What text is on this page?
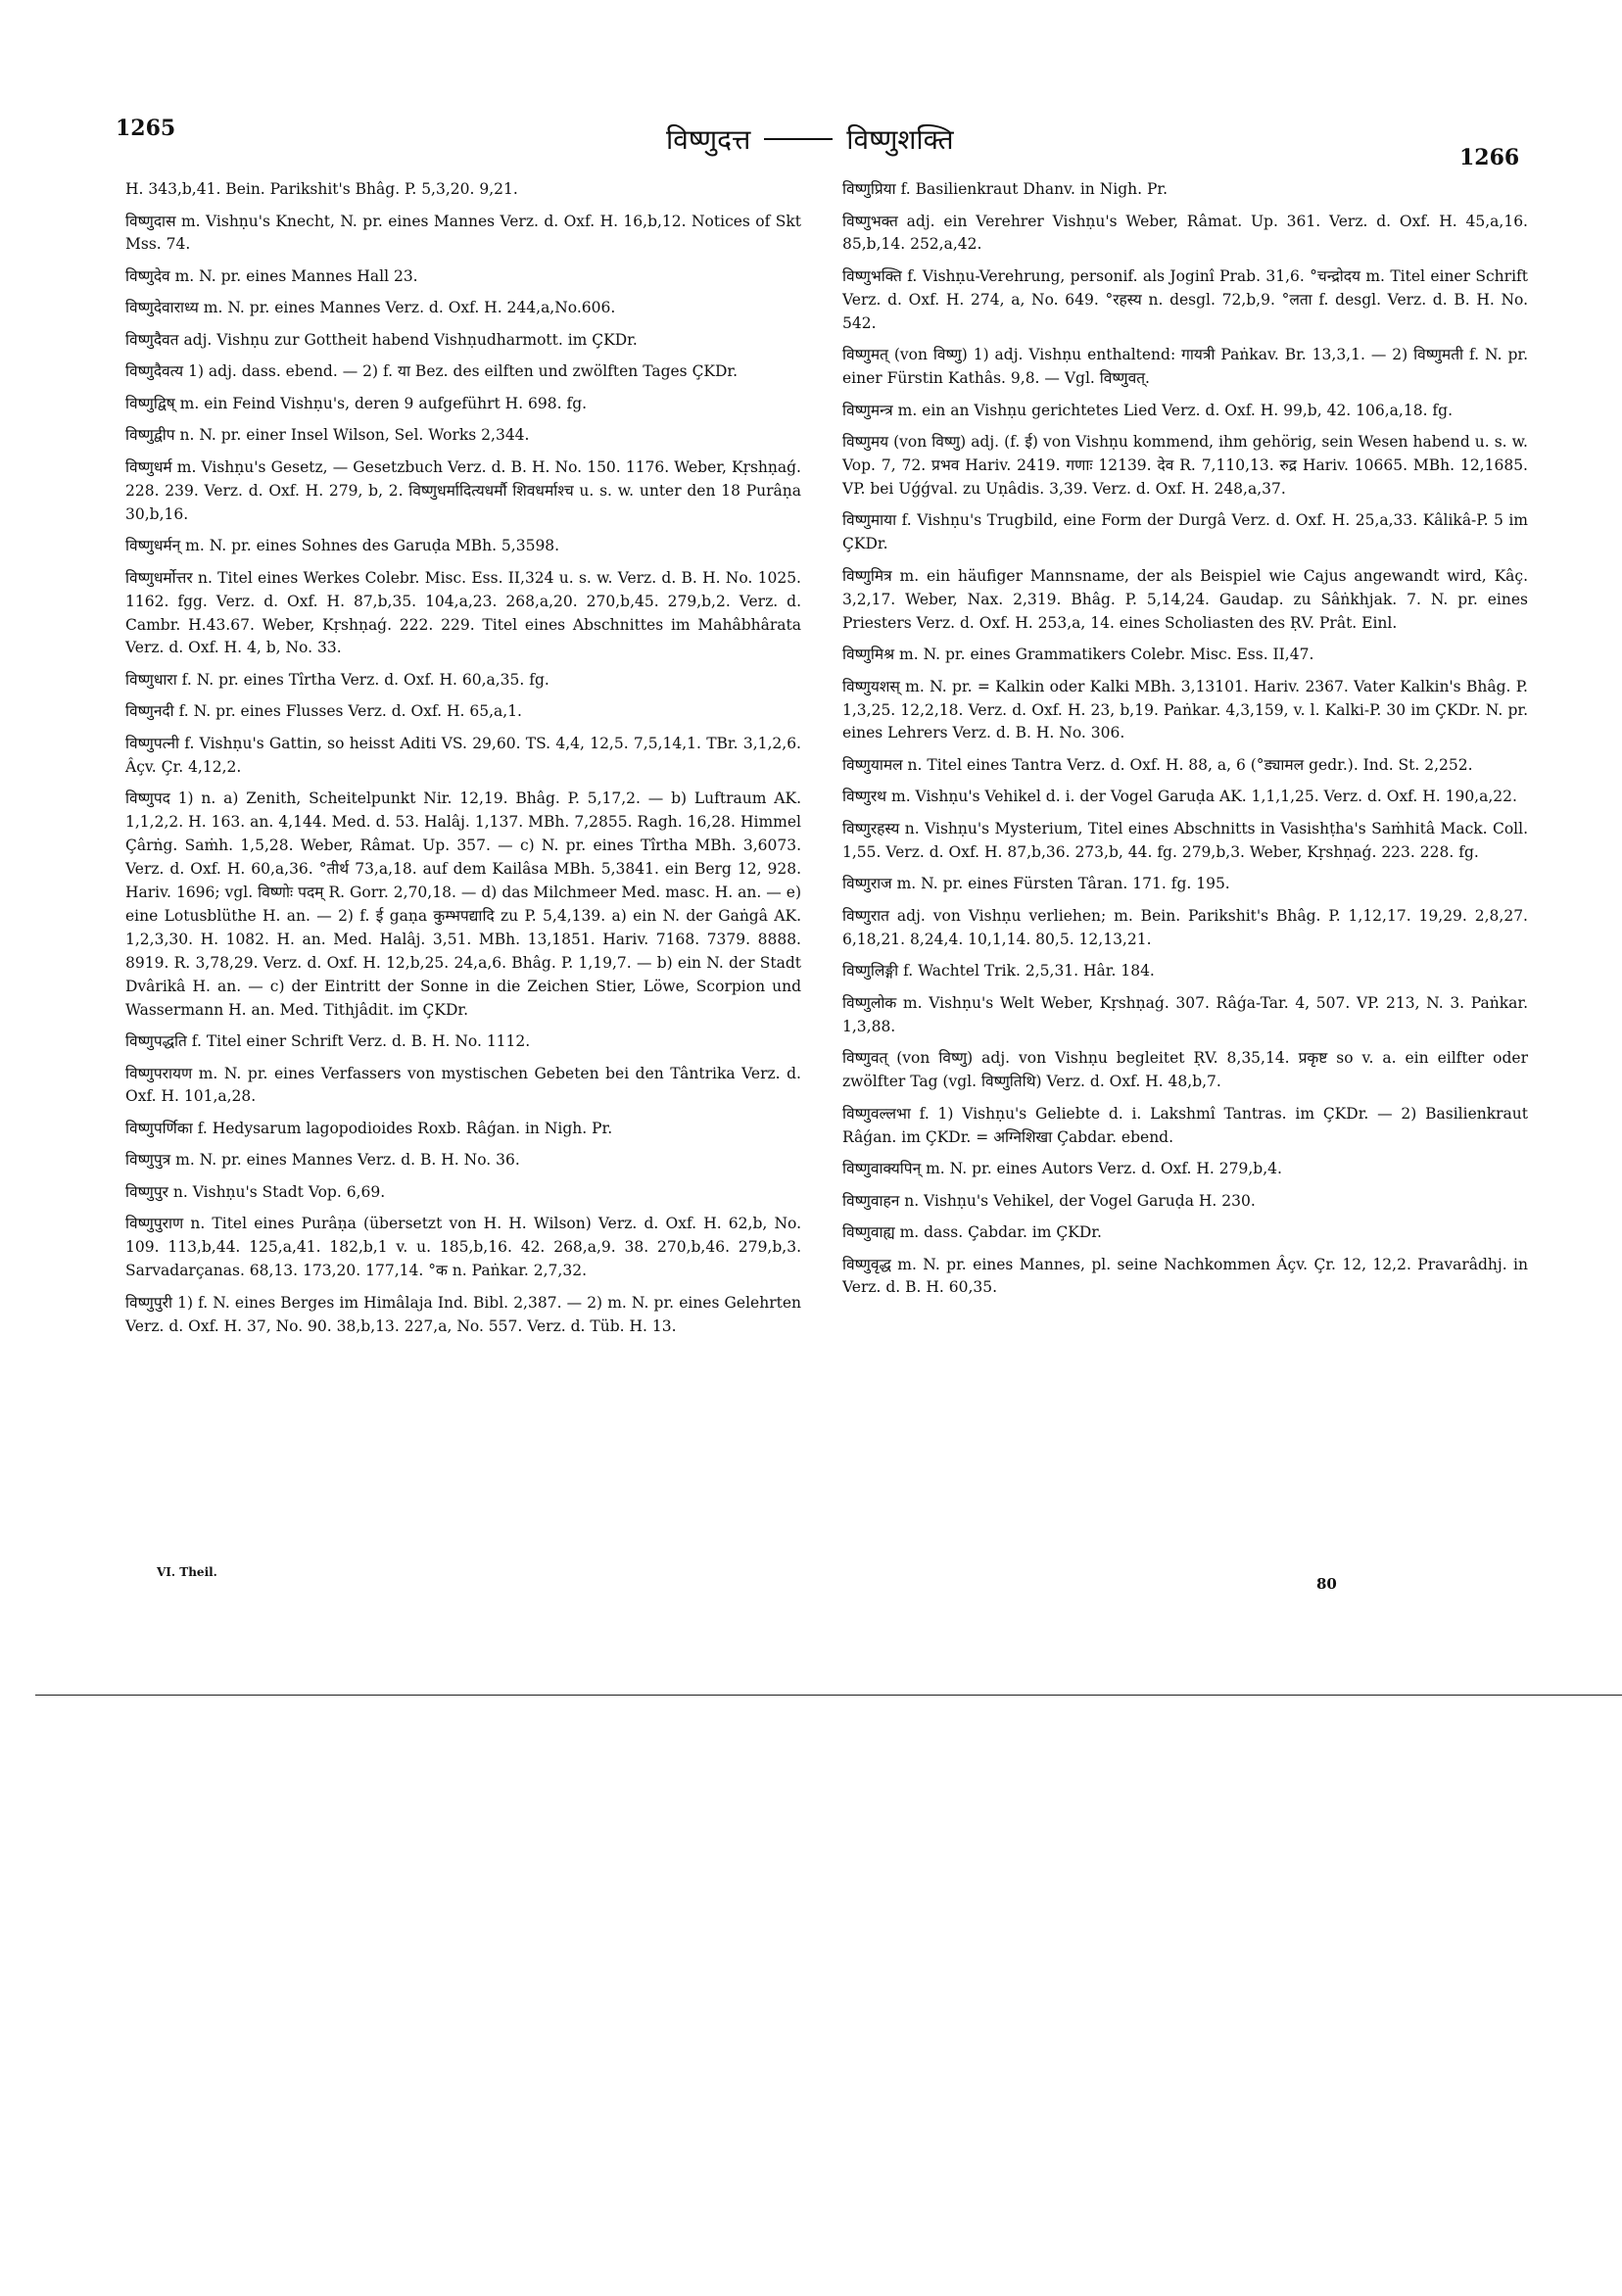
1265	विष्णुदत्त	विष्णुशक्ति
1266

H. 343,b,41. Bein. Parikshit's Bhâg. P. 5,3,20. 9,21.

विष्णुदास m. Vishṇu's Knecht, N. pr. eines Mannes Verz. d. Oxf. H. 16,b,12. Notices of Skt Mss. 74.

विष्णुदेव m. N. pr. eines Mannes Hall 23.

विष्णुदेवाराध्य m. N. pr. eines Mannes Verz. d. Oxf. H. 244,a,No.606.

विष्णुदैवत adj. Vishṇu zur Gottheit habend Vishṇudharmott. im ÇKDr.

विष्णुदैवत्य 1) adj. dass. ebend. — 2) f. या Bez. des eilften und zwölften Tages ÇKDr.

विष्णुद्विष् m. ein Feind Vishṇu's, deren 9 aufgeführt H. 698. fg.

विष्णुद्वीप n. N. pr. einer Insel Wilson, Sel. Works 2,344.

विष्णुधर्म m. Vishṇu's Gesetz, — Gesetzbuch Verz. d. B. H. No. 150. 1176. Weber, Kṛshṇaǵ. 228. 239. Verz. d. Oxf. H. 279, b, 2. विष्णुधर्मादित्यधर्मौ शिवधर्माश्च u. s. w. unter den 18 Purâṇa 30,b,16.

विष्णुधर्मन् m. N. pr. eines Sohnes des Garuḍa MBh. 5,3598.

विष्णुधर्मोत्तर n. Titel eines Werkes Colebr. Misc. Ess. II,324 u. s. w. Verz. d. B. H. No. 1025. 1162. fgg. Verz. d. Oxf. H. 87,b,35. 104,a,23. 268,a,20. 270,b,45. 279,b,2. Verz. d. Cambr. H.43.67. Weber, Kṛshṇaǵ. 222. 229. Titel eines Abschnittes im Mahâbhârata Verz. d. Oxf. H. 4, b, No. 33.

विष्णुधारा f. N. pr. eines Tîrtha Verz. d. Oxf. H. 60,a,35. fg.

विष्णुनदी f. N. pr. eines Flusses Verz. d. Oxf. H. 65,a,1.

विष्णुपत्नी f. Vishṇu's Gattin, so heisst Aditi VS. 29,60. TS. 4,4, 12,5. 7,5,14,1. TBr. 3,1,2,6. Âçv. Çr. 4,12,2.

विष्णुपद 1) n. a) Zenith, Scheitelpunkt Nir. 12,19. Bhâg. P. 5,17,2. — b) Luftraum AK. 1,1,2,2. H. 163. an. 4,144. Med. d. 53. Halâj. 1,137. MBh. 7,2855. Ragh. 16,28. Himmel Çârṅg. Saṁh. 1,5,28. Weber, Râmat. Up. 357. — c) N. pr. eines Tîrtha MBh. 3,6073. Verz. d. Oxf. H. 60,a,36. °तीर्थ 73,a,18. auf dem Kailâsa MBh. 5,3841. ein Berg 12, 928. Hariv. 1696; vgl. विष्णोः पदम् R. Gorr. 2,70,18. — d) das Milchmeer Med. masc. H. an. — e) eine Lotusblüthe H. an. — 2) f. ई gaṇa कुम्भपद्यादि zu P. 5,4,139. a) ein N. der Gaṅgâ AK. 1,2,3,30. H. 1082. H. an. Med. Halâj. 3,51. MBh. 13,1851. Hariv. 7168. 7379. 8888. 8919. R. 3,78,29. Verz. d. Oxf. H. 12,b,25. 24,a,6. Bhâg. P. 1,19,7. — b) ein N. der Stadt Dvârikâ H. an. — c) der Eintritt der Sonne in die Zeichen Stier, Löwe, Scorpion und Wassermann H. an. Med. Tithjâdit. im ÇKDr.

विष्णुपद्धति f. Titel einer Schrift Verz. d. B. H. No. 1112.

विष्णुपरायण m. N. pr. eines Verfassers von mystischen Gebeten bei den Tântrika Verz. d. Oxf. H. 101,a,28.

विष्णुपर्णिका f. Hedysarum lagopodioides Roxb. Râǵan. in Nigh. Pr.

विष्णुपुत्र m. N. pr. eines Mannes Verz. d. B. H. No. 36.

विष्णुपुर n. Vishṇu's Stadt Vop. 6,69.

विष्णुपुराण n. Titel eines Purâṇa (übersetzt von H. H. Wilson) Verz. d. Oxf. H. 62,b, No. 109. 113,b,44. 125,a,41. 182,b,1 v. u. 185,b,16. 42. 268,a,9. 38. 270,b,46. 279,b,3. Sarvadarçanas. 68,13. 173,20. 177,14. °क n. Paṅkar. 2,7,32.

विष्णुपुरी 1) f. N. eines Berges im Himâlaja Ind. Bibl. 2,387. — 2) m. N. pr. eines Gelehrten Verz. d. Oxf. H. 37, No. 90. 38,b,13. 227,a, No. 557. Verz. d. Tüb. H. 13.

विष्णुप्रिया f. Basilienkraut Dhanv. in Nigh. Pr.

विष्णुभक्त adj. ein Verehrer Vishṇu's Weber, Râmat. Up. 361. Verz. d. Oxf. H. 45,a,16. 85,b,14. 252,a,42.

विष्णुभक्ति f. Vishṇu-Verehrung, personif. als Joginî Prab. 31,6. °चन्द्रोदय m. Titel einer Schrift Verz. d. Oxf. H. 274, a, No. 649. °रहस्य n. desgl. 72,b,9. °लता f. desgl. Verz. d. B. H. No. 542.

विष्णुमत् (von विष्णु) 1) adj. Vishṇu enthaltend: गायत्री Paṅkav. Br. 13,3,1. — 2) विष्णुमती f. N. pr. einer Fürstin Kathâs. 9,8. — Vgl. विष्णुवत्.

विष्णुमन्त्र m. ein an Vishṇu gerichtetes Lied Verz. d. Oxf. H. 99,b, 42. 106,a,18. fg.

विष्णुमय (von विष्णु) adj. (f. ई) von Vishṇu kommend, ihm gehörig, sein Wesen habend u. s. w. Vop. 7, 72. प्रभव Hariv. 2419. गणाः 12139. देव R. 7,110,13. रुद्र Hariv. 10665. MBh. 12,1685. VP. bei Uǵǵval. zu Uṇâdis. 3,39. Verz. d. Oxf. H. 248,a,37.

विष्णुमाया f. Vishṇu's Trugbild, eine Form der Durgâ Verz. d. Oxf. H. 25,a,33. Kâlikâ-P. 5 im ÇKDr.

विष्णुमित्र m. ein häufiger Mannsname, der als Beispiel wie Cajus angewandt wird, Kâç. 3,2,17. Weber, Nax. 2,319. Bhâg. P. 5,14,24. Gaudap. zu Sâṅkhjak. 7. N. pr. eines Priesters Verz. d. Oxf. H. 253,a, 14. eines Scholiasten des ṚV. Prât. Einl.

विष्णुमिश्र m. N. pr. eines Grammatikers Colebr. Misc. Ess. II,47.

विष्णुयशस् m. N. pr. = Kalkin oder Kalki MBh. 3,13101. Hariv. 2367. Vater Kalkin's Bhâg. P. 1,3,25. 12,2,18. Verz. d. Oxf. H. 23, b,19. Paṅkar. 4,3,159, v. l. Kalki-P. 30 im ÇKDr. N. pr. eines Lehrers Verz. d. B. H. No. 306.

विष्णुयामल n. Titel eines Tantra Verz. d. Oxf. H. 88, a, 6 (°ड्यामल gedr.). Ind. St. 2,252.

विष्णुरथ m. Vishṇu's Vehikel d. i. der Vogel Garuḍa AK. 1,1,1,25. Verz. d. Oxf. H. 190,a,22.

विष्णुरहस्य n. Vishṇu's Mysterium, Titel eines Abschnitts in Vasishṭha's Saṁhitâ Mack. Coll. 1,55. Verz. d. Oxf. H. 87,b,36. 273,b, 44. fg. 279,b,3. Weber, Kṛshṇaǵ. 223. 228. fg.

विष्णुराज m. N. pr. eines Fürsten Târan. 171. fg. 195.

विष्णुरात adj. von Vishṇu verliehen; m. Bein. Parikshit's Bhâg. P. 1,12,17. 19,29. 2,8,27. 6,18,21. 8,24,4. 10,1,14. 80,5. 12,13,21.

विष्णुलिङ्गी f. Wachtel Trik. 2,5,31. Hâr. 184.

विष्णुलोक m. Vishṇu's Welt Weber, Kṛshṇaǵ. 307. Râǵa-Tar. 4, 507. VP. 213, N. 3. Paṅkar. 1,3,88.

विष्णुवत् (von विष्णु) adj. von Vishṇu begleitet ṚV. 8,35,14. प्रकृष्ट so v. a. ein eilfter oder zwölfter Tag (vgl. विष्णुतिथि) Verz. d. Oxf. H. 48,b,7.

विष्णुवल्लभा f. 1) Vishṇu's Geliebte d. i. Lakshmî Tantras. im ÇKDr. — 2) Basilienkraut Râǵan. im ÇKDr. = अग्निशिखा Çabdar. ebend.

विष्णुवाक्यपिन् m. N. pr. eines Autors Verz. d. Oxf. H. 279,b,4.

विष्णुवाहन n. Vishṇu's Vehikel, der Vogel Garuḍa H. 230.

विष्णुवाह्य m. dass. Çabdar. im ÇKDr.

विष्णुवृद्ध m. N. pr. eines Mannes, pl. seine Nachkommen Âçv. Çr. 12, 12,2. Pravarâdhj. in Verz. d. B. H. 60,35.

VI. Theil.
80
